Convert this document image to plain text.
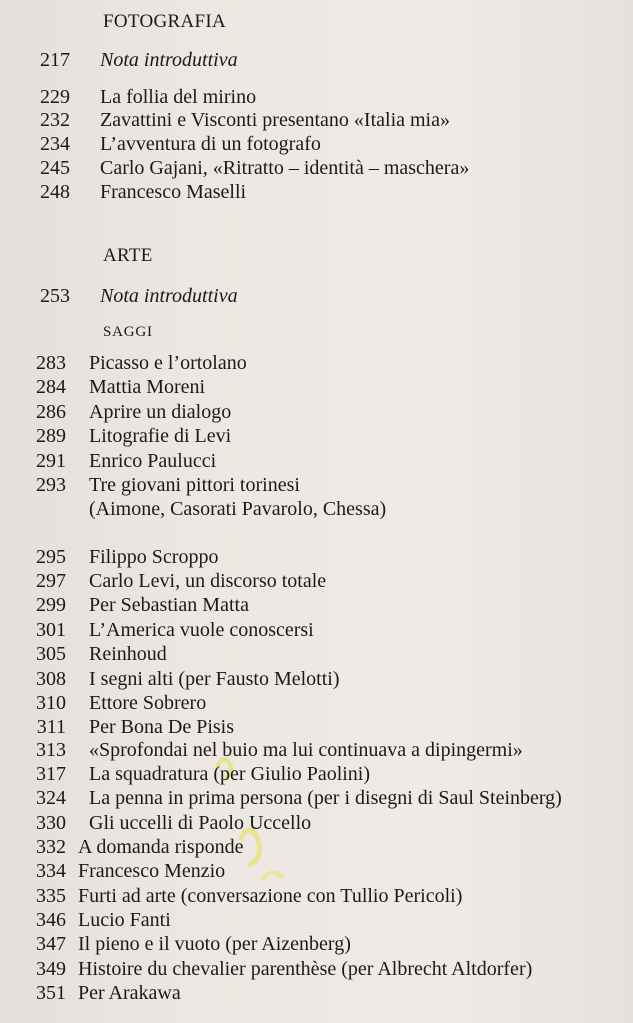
FOTOGRAFIA
217 Nota introduttiva
229 La follia del mirino
232 Zavattini e Visconti presentano «Italia mia»
234 L’avventura di un fotografo
245 Carlo Gajani, «Ritratto – identità – maschera»
248 Francesco Maselli
ARTE
253 Nota introduttiva
SAGGI
283 Picasso e l’ortolano
284 Mattia Moreni
286 Aprire un dialogo
289 Litografie di Levi
291 Enrico Paulucci
293 Tre giovani pittori torinesi
(Aimone, Casorati Pavarolo, Chessa)
295 Filippo Scroppo
297 Carlo Levi, un discorso totale
299 Per Sebastian Matta
301 L’America vuole conoscersi
305 Reinhoud
308 I segni alti (per Fausto Melotti)
310 Ettore Sobrero
311 Per Bona De Pisis
313 «Sprofondai nel buio ma lui continuava a dipingermi»
317 La squadratura (per Giulio Paolini)
324 La penna in prima persona (per i disegni di Saul Steinberg)
330 Gli uccelli di Paolo Uccello
332 A domanda risponde
334 Francesco Menzio
335 Furti ad arte (conversazione con Tullio Pericoli)
346 Lucio Fanti
347 Il pieno e il vuoto (per Aizenberg)
349 Histoire du chevalier parenthèse (per Albrecht Altdorfer)
351 Per Arakawa
